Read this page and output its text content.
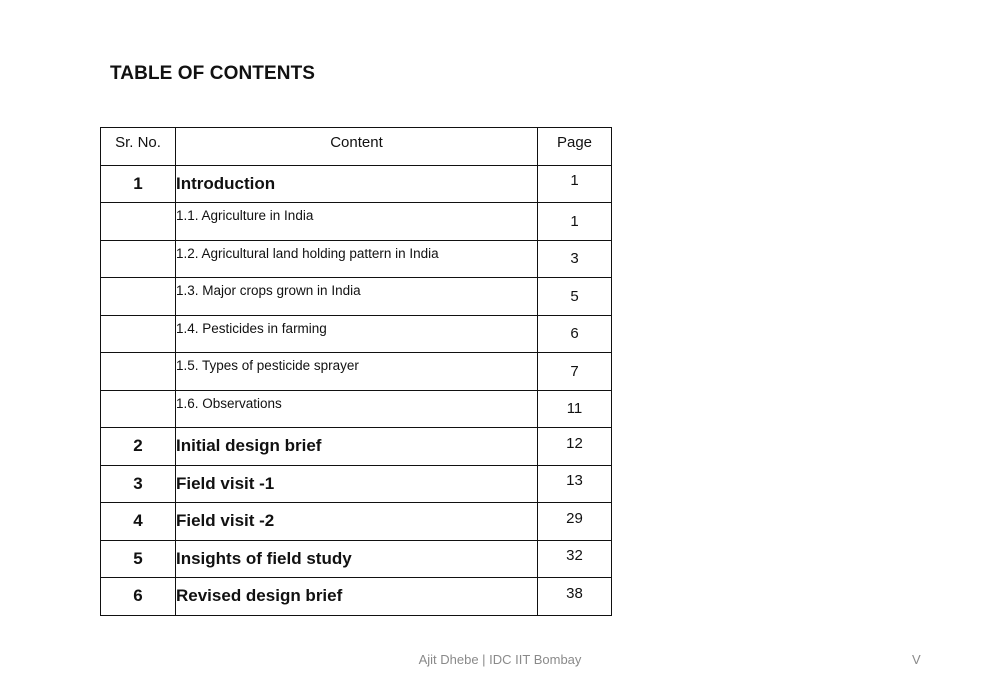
TABLE OF CONTENTS
Sr. No.	Content	Page
1	Introduction	1
	$^{1.1. Agriculture in India}$	1
	$^{1.2. Agricultural land holding pattern in India}$	3
	$^{1.3. Major crops grown in India}$	5
	$^{1.4. Pesticides in farming}$	6
	$^{1.5. Types of pesticide sprayer}$	7
	$^{1.6. Observations}$	11
2	Initial design brief	12
3	Field visit -1	13
4	Field visit -2	29
5	Insights of field study	32
6	Revised design brief	38
Ajit Dhebe | IDC IIT Bombay	V
